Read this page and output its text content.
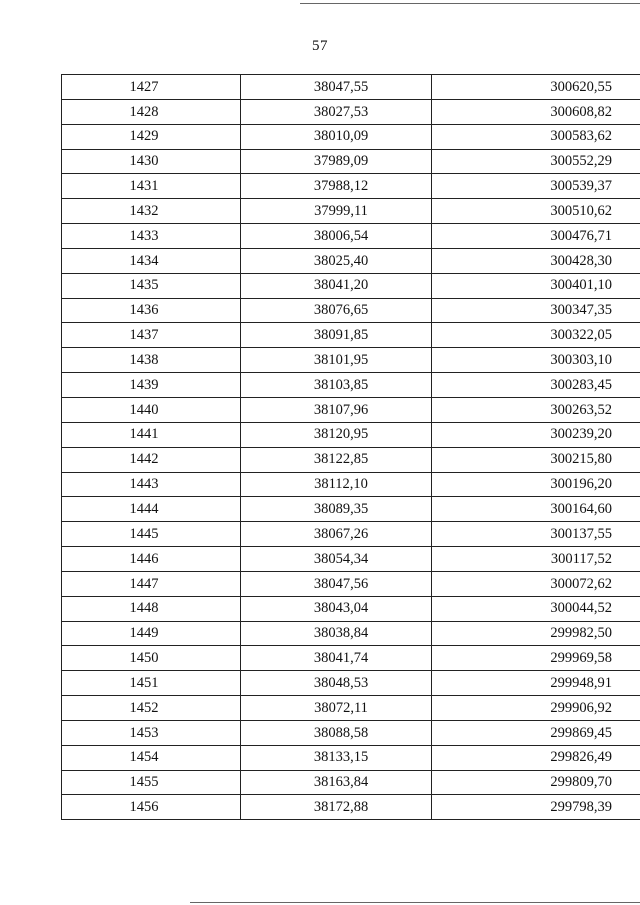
57
1427	38047,55	300620,55
1428	38027,53	300608,82
1429	38010,09	300583,62
1430	37989,09	300552,29
1431	37988,12	300539,37
1432	37999,11	300510,62
1433	38006,54	300476,71
1434	38025,40	300428,30
1435	38041,20	300401,10
1436	38076,65	300347,35
1437	38091,85	300322,05
1438	38101,95	300303,10
1439	38103,85	300283,45
1440	38107,96	300263,52
1441	38120,95	300239,20
1442	38122,85	300215,80
1443	38112,10	300196,20
1444	38089,35	300164,60
1445	38067,26	300137,55
1446	38054,34	300117,52
1447	38047,56	300072,62
1448	38043,04	300044,52
1449	38038,84	299982,50
1450	38041,74	299969,58
1451	38048,53	299948,91
1452	38072,11	299906,92
1453	38088,58	299869,45
1454	38133,15	299826,49
1455	38163,84	299809,70
1456	38172,88	299798,39
